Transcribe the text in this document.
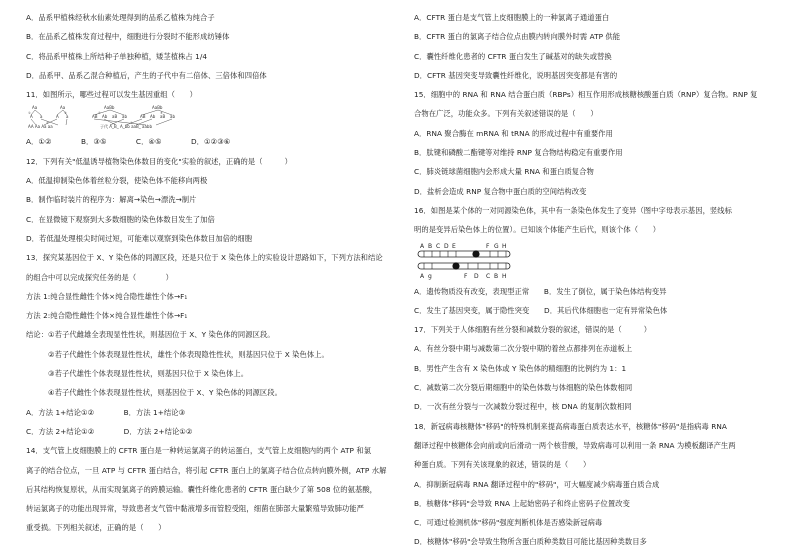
A．品系甲植株经秋水仙素处理得到的品系乙植株为纯合子
B．在品系乙植株发育过程中，细胞进行分裂时不能形成纺锤体
C．将品系甲植株上所结种子单独种植，矮茎植株占 1/4
D．品系甲、品系乙混合种植后，产生的子代中有二倍体、三倍体和四倍体
11．如图所示，哪些过程可以发生基因重组（　　）
Aa	Aa
A a	A a
AA Aa Aa aa
AaBb	AaBb
AB Ab aB ab	AB Ab aB ab
子代 A_B_ A_bb aaB_ aabb
①	②
③
④	⑤
⑥
A．①②　　　　B．③⑤　　　　C．④⑤　　　　D．①②③⑥
12．下列有关"低温诱导植物染色体数目的变化"实验的叙述，正确的是（　　　）
A．低温抑制染色体着丝粒分裂，使染色体不能移向两极
B．制作临时装片的程序为：解离→染色→漂洗→制片
C．在显微镜下观察到大多数细胞的染色体数目发生了加倍
D．若低温处理根尖时间过短，可能难以观察到染色体数目加倍的细胞
13．探究某基因位于 X、Y 染色体的同源区段，还是只位于 X 染色体上的实验设计思路如下，下列方法和结论
的组合中可以完成探究任务的是（　　　　）
方法 1:纯合显性雌性个体×纯合隐性雄性个体→F₁
方法 2:纯合隐性雌性个体×纯合显性雄性个体→F₁
结论：①若子代雌雄全表现显性性状，则基因位于 X、Y 染色体的同源区段。
②若子代雌性个体表现显性性状，雄性个体表现隐性性状，则基因只位于 X 染色体上。
③若子代雄性个体表现显性性状，则基因只位于 X 染色体上。
④若子代雌性个体表现显性性状，则基因位于 X、Y 染色体的同源区段。
A．方法 1+结论①②　　　　B．方法 1+结论③
C．方法 2+结论①②　　　　D．方法 2+结论①②
14．支气管上皮细胞膜上的 CFTR 蛋白是一种转运氯离子的转运蛋白，支气管上皮细胞内的两个 ATP 和氯
离子的结合位点，一旦 ATP 与 CFTR 蛋白结合，将引起 CFTR 蛋白上的氯离子结合位点转向膜外侧，ATP 水解
后其结构恢复原状，从而实现氯离子的跨膜运输。囊性纤维化患者的 CFTR 蛋白缺少了第 508 位的氨基酸，
转运氯离子的功能出现异常，导致患者支气管中黏液增多而管腔受阻，细菌在肺部大量繁殖导致肺功能严
重受损。下列相关叙述，正确的是（　　）
A．CFTR 蛋白是支气管上皮细胞膜上的一种氯离子通道蛋白
B．CFTR 蛋白的氯离子结合位点由膜内转向膜外时需 ATP 供能
C．囊性纤维化患者的 CFTR 蛋白发生了碱基对的缺失或替换
D．CFTR 基因突变导致囊性纤维化，说明基因突变都是有害的
15．细胞中的 RNA 和 RNA 结合蛋白质（RBPs）相互作用形成核糖核酸蛋白质（RNP）复合物。RNP 复
合物在广泛，功能众多。下列有关叙述错误的是（　　）
A．RNA 聚合酶在 mRNA 和 tRNA 的形成过程中有重要作用
B．肽键和磷酸二酯键等对维持 RNP 复合物结构稳定有重要作用
C．肺炎链球菌细胞内会形成大量 RNA 和蛋白质复合物
D．盐析会造成 RNP 复合物中蛋白质的空间结构改变
16．如图是某个体的一对同源染色体，其中有一条染色体发生了变异（图中字母表示基因，竖线标
明的是变异后染色体上的位置）。已知该个体能产生后代，则该个体（　　）
A B C D E	F G H
A g	F D C B H
A．遗传物质没有改变，表现型正常　　B．发生了倒位，属于染色体结构变异
C．发生了基因突变，属于隐性突变　　D．其后代体细胞也一定有异常染色体
17．下列关于人体细胞有丝分裂和减数分裂的叙述，错误的是（　　　）
A．有丝分裂中期与减数第二次分裂中期的着丝点都排列在赤道板上
B．男性产生含有 X 染色体或 Y 染色体的精细胞的比例约为 1：1
C．减数第二次分裂后期细胞中的染色体数与体细胞的染色体数相同
D．一次有丝分裂与一次减数分裂过程中，核 DNA 的复制次数相同
18．新冠病毒核糖体"移码"的特殊机制来提高病毒蛋白质表达水平，核糖体"移码"是指病毒 RNA
翻译过程中核糖体会向前或向后滑动一两个核苷酸，导致病毒可以利用一条 RNA 为模板翻译产生两
种蛋白质。下列有关该现象的叙述，错误的是（　　）
A．抑制新冠病毒 RNA 翻译过程中的"移码"，可大幅度减少病毒蛋白质合成
B．核糖体"移码"会导致 RNA 上起始密码子和终止密码子位置改变
C．可通过检测机体"移码"强度判断机体是否感染新冠病毒
D．核糖体"移码"会导致生物所含蛋白质种类数目可能比基因种类数目多
